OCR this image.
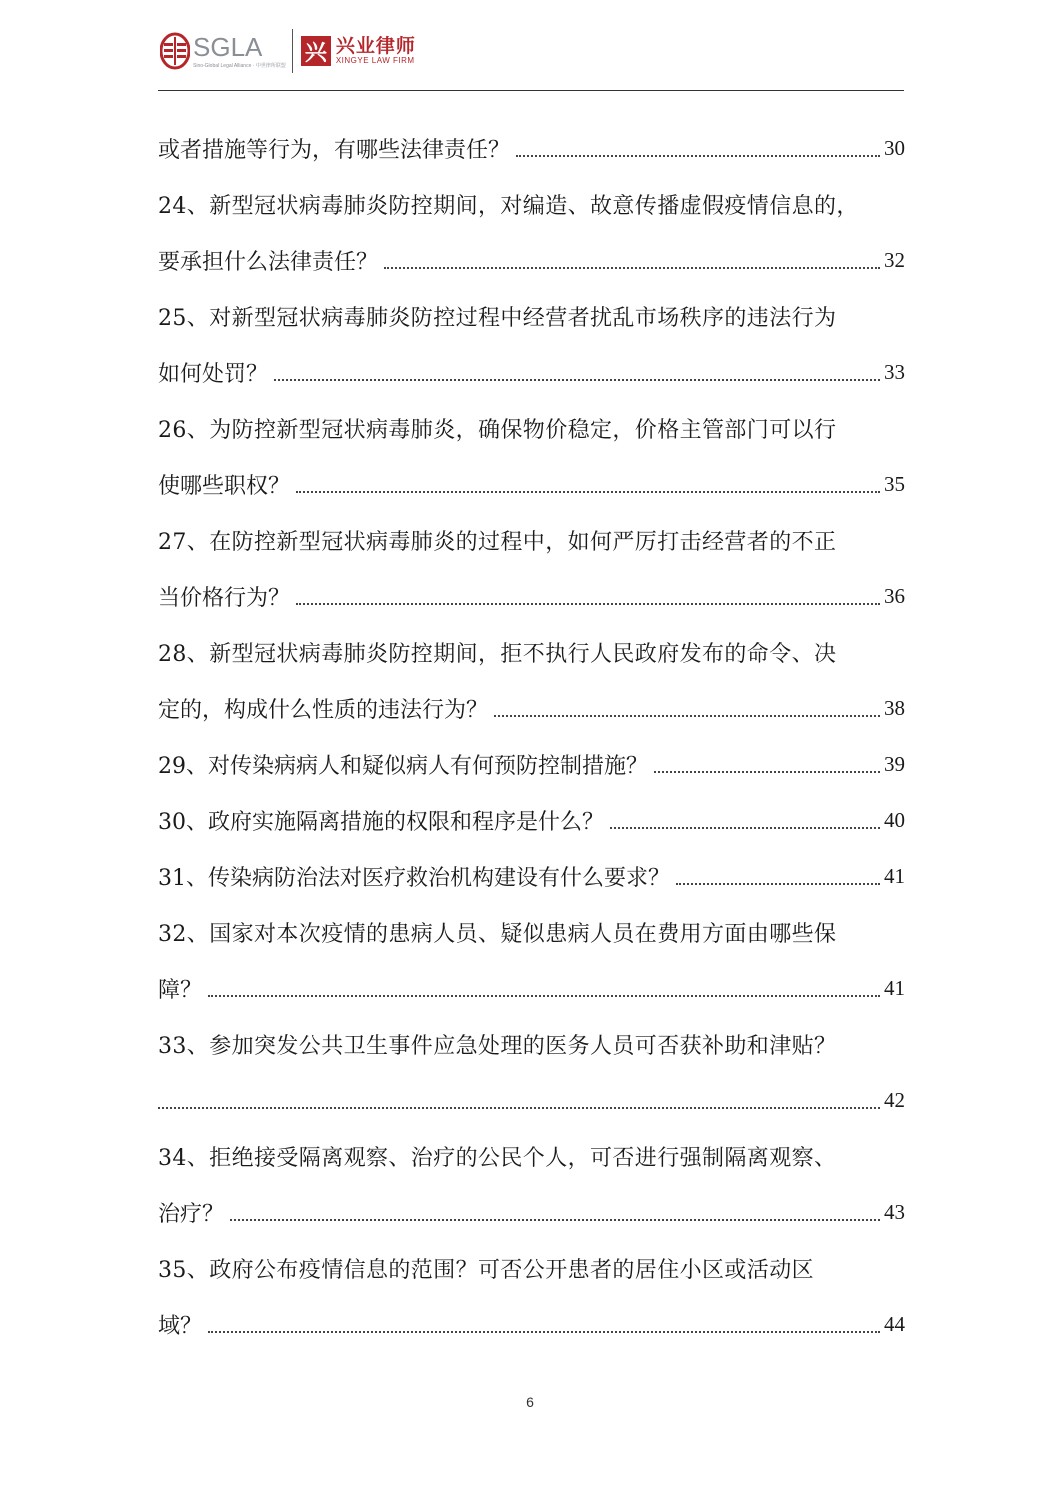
SGLA
Sino-Global Legal Alliance · 中世律所联盟 兴 兴业律师
XINGYE LAW FIRM
或者措施等行为，有哪些法律责任？	30
24、新型冠状病毒肺炎防控期间，对编造、故意传播虚假疫情信息的，
要承担什么法律责任？	32
25、对新型冠状病毒肺炎防控过程中经营者扰乱市场秩序的违法行为
如何处罚？	33
26、为防控新型冠状病毒肺炎，确保物价稳定，价格主管部门可以行
使哪些职权？	35
27、在防控新型冠状病毒肺炎的过程中，如何严厉打击经营者的不正
当价格行为？	36
28、新型冠状病毒肺炎防控期间，拒不执行人民政府发布的命令、决
定的，构成什么性质的违法行为？	38
29、对传染病病人和疑似病人有何预防控制措施？	39
30、政府实施隔离措施的权限和程序是什么？	40
31、传染病防治法对医疗救治机构建设有什么要求？	41
32、国家对本次疫情的患病人员、疑似患病人员在费用方面由哪些保
障？	41
33、参加突发公共卫生事件应急处理的医务人员可否获补助和津贴？
42
34、拒绝接受隔离观察、治疗的公民个人，可否进行强制隔离观察、
治疗？	43
35、政府公布疫情信息的范围？可否公开患者的居住小区或活动区
域？	44
6
